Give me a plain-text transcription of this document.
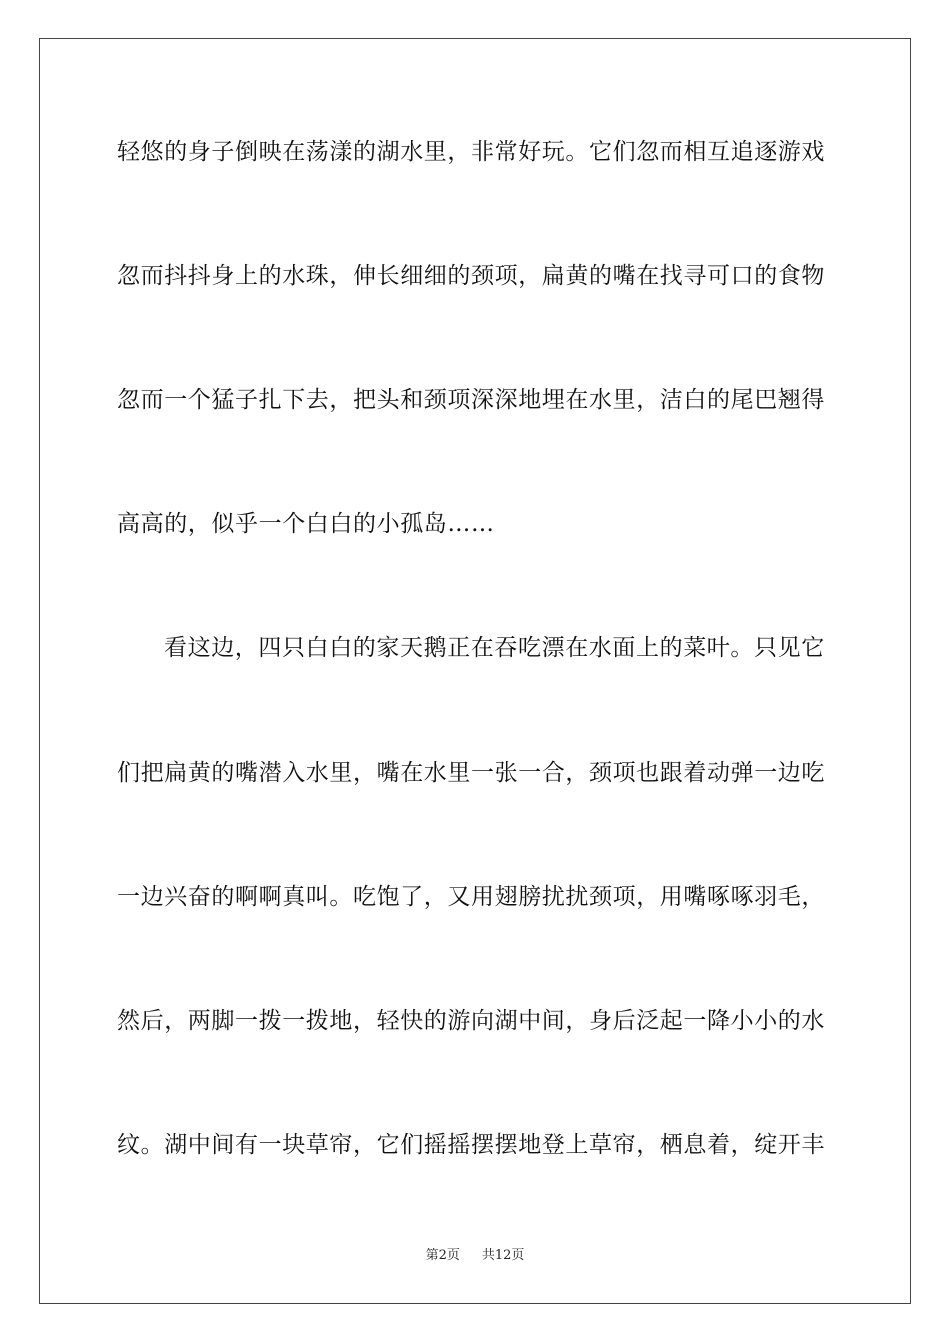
轻悠的身子倒映在荡漾的湖水里，非常好玩。它们忽而相互追逐游戏
忽而抖抖身上的水珠，伸长细细的颈项，扁黄的嘴在找寻可口的食物
忽而一个猛子扎下去，把头和颈项深深地埋在水里，洁白的尾巴翘得
高高的，似乎一个白白的小孤岛……
看这边，四只白白的家天鹅正在吞吃漂在水面上的菜叶。只见它
们把扁黄的嘴潜入水里，嘴在水里一张一合，颈项也跟着动弹一边吃
一边兴奋的啊啊真叫。吃饱了，又用翅膀扰扰颈项，用嘴啄啄羽毛，
然后，两脚一拨一拨地，轻快的游向湖中间，身后泛起一降小小的水
纹。湖中间有一块草帘，它们摇摇摆摆地登上草帘，栖息着，绽开丰
第2页 共12页
